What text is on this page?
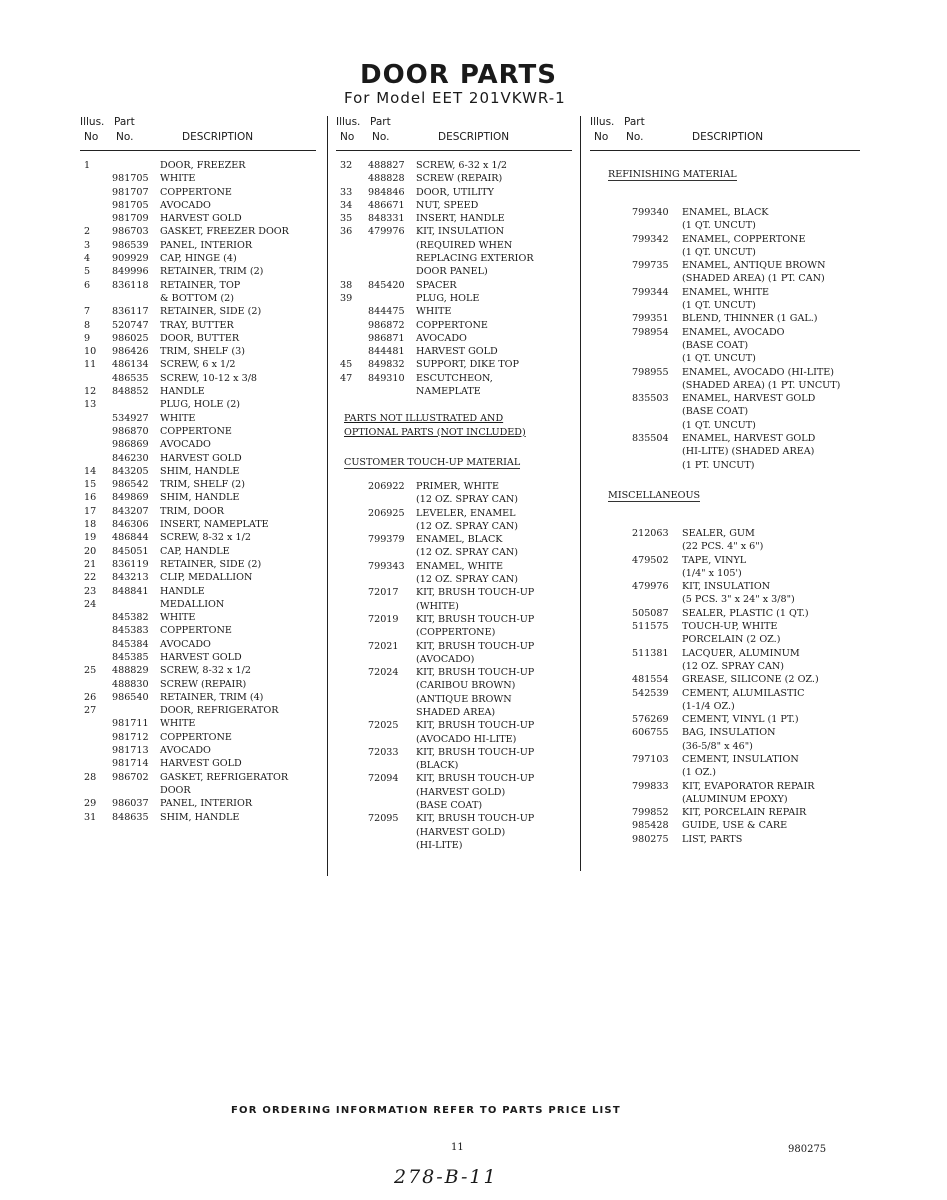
DOOR PARTS
For Model EET 201VKWR-1
Illus. Part
No No.	DESCRIPTION
1	DOOR, FREEZER
981705	WHITE
981707	COPPERTONE
981705	AVOCADO
981709	HARVEST GOLD
2	986703	GASKET, FREEZER DOOR
3	986539	PANEL, INTERIOR
4	909929	CAP, HINGE (4)
5	849996	RETAINER, TRIM (2)
6	836118	RETAINER, TOP
& BOTTOM (2)
7	836117	RETAINER, SIDE (2)
8	520747	TRAY, BUTTER
9	986025	DOOR, BUTTER
10	986426	TRIM, SHELF (3)
11	486134	SCREW, 6 x 1/2
486535	SCREW, 10-12 x 3/8
12	848852	HANDLE
13	PLUG, HOLE (2)
534927	WHITE
986870	COPPERTONE
986869	AVOCADO
846230	HARVEST GOLD
14	843205	SHIM, HANDLE
15	986542	TRIM, SHELF (2)
16	849869	SHIM, HANDLE
17	843207	TRIM, DOOR
18	846306	INSERT, NAMEPLATE
19	486844	SCREW, 8-32 x 1/2
20	845051	CAP, HANDLE
21	836119	RETAINER, SIDE (2)
22	843213	CLIP, MEDALLION
23	848841	HANDLE
24	MEDALLION
845382	WHITE
845383	COPPERTONE
845384	AVOCADO
845385	HARVEST GOLD
25	488829	SCREW, 8-32 x 1/2
488830	SCREW (REPAIR)
26	986540	RETAINER, TRIM (4)
27	DOOR, REFRIGERATOR
981711	WHITE
981712	COPPERTONE
981713	AVOCADO
981714	HARVEST GOLD
28	986702	GASKET, REFRIGERATOR
DOOR
29	986037	PANEL, INTERIOR
31	848635	SHIM, HANDLE
Illus. Part
No No.	DESCRIPTION
32	488827	SCREW, 6-32 x 1/2
488828	SCREW (REPAIR)
33	984846	DOOR, UTILITY
34	486671	NUT, SPEED
35	848331	INSERT, HANDLE
36	479976	KIT, INSULATION
(REQUIRED WHEN
REPLACING EXTERIOR
DOOR PANEL)
38	845420	SPACER
39	PLUG, HOLE
844475	WHITE
986872	COPPERTONE
986871	AVOCADO
844481	HARVEST GOLD
45	849832	SUPPORT, DIKE TOP
47	849310	ESCUTCHEON,
NAMEPLATE
PARTS NOT ILLUSTRATED AND
OPTIONAL PARTS (NOT INCLUDED)
CUSTOMER TOUCH-UP MATERIAL
206922	PRIMER, WHITE
(12 OZ. SPRAY CAN)
206925	LEVELER, ENAMEL
(12 OZ. SPRAY CAN)
799379	ENAMEL, BLACK
(12 OZ. SPRAY CAN)
799343	ENAMEL, WHITE
(12 OZ. SPRAY CAN)
72017	KIT, BRUSH TOUCH-UP
(WHITE)
72019	KIT, BRUSH TOUCH-UP
(COPPERTONE)
72021	KIT, BRUSH TOUCH-UP
(AVOCADO)
72024	KIT, BRUSH TOUCH-UP
(CARIBOU BROWN)
(ANTIQUE BROWN
SHADED AREA)
72025	KIT, BRUSH TOUCH-UP
(AVOCADO HI-LITE)
72033	KIT, BRUSH TOUCH-UP
(BLACK)
72094	KIT, BRUSH TOUCH-UP
(HARVEST GOLD)
(BASE COAT)
72095	KIT, BRUSH TOUCH-UP
(HARVEST GOLD)
(HI-LITE)
Illus. Part
No No.	DESCRIPTION
REFINISHING MATERIAL
799340	ENAMEL, BLACK
(1 QT. UNCUT)
799342	ENAMEL, COPPERTONE
(1 QT. UNCUT)
799735	ENAMEL, ANTIQUE BROWN
(SHADED AREA) (1 PT. CAN)
799344	ENAMEL, WHITE
(1 QT. UNCUT)
799351	BLEND, THINNER (1 GAL.)
798954	ENAMEL, AVOCADO
(BASE COAT)
(1 QT. UNCUT)
798955	ENAMEL, AVOCADO (HI-LITE)
(SHADED AREA) (1 PT. UNCUT)
835503	ENAMEL, HARVEST GOLD
(BASE COAT)
(1 QT. UNCUT)
835504	ENAMEL, HARVEST GOLD
(HI-LITE) (SHADED AREA)
(1 PT. UNCUT)
MISCELLANEOUS
212063	SEALER, GUM
(22 PCS. 4" x 6")
479502	TAPE, VINYL
(1/4" x 105')
479976	KIT, INSULATION
(5 PCS. 3" x 24" x 3/8")
505087	SEALER, PLASTIC (1 QT.)
511575	TOUCH-UP, WHITE
PORCELAIN (2 OZ.)
511381	LACQUER, ALUMINUM
(12 OZ. SPRAY CAN)
481554	GREASE, SILICONE (2 OZ.)
542539	CEMENT, ALUMILASTIC
(1-1/4 OZ.)
576269	CEMENT, VINYL (1 PT.)
606755	BAG, INSULATION
(36-5/8" x 46")
797103	CEMENT, INSULATION
(1 OZ.)
799833	KIT, EVAPORATOR REPAIR
(ALUMINUM EPOXY)
799852	KIT, PORCELAIN REPAIR
985428	GUIDE, USE & CARE
980275	LIST, PARTS
FOR ORDERING INFORMATION REFER TO PARTS PRICE LIST
11	980275
278-B-11
